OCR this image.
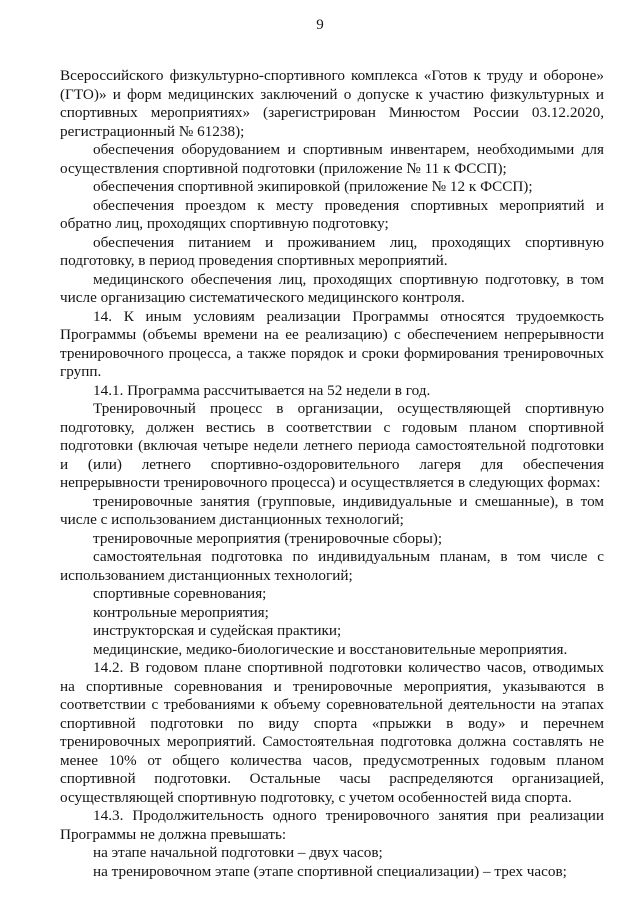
9

Всероссийского физкультурно-спортивного комплекса «Готов к труду и обороне» (ГТО)» и форм медицинских заключений о допуске к участию физкультурных и спортивных мероприятиях» (зарегистрирован Минюстом России 03.12.2020, регистрационный № 61238);

обеспечения оборудованием и спортивным инвентарем, необходимыми для осуществления спортивной подготовки (приложение № 11 к ФССП);

обеспечения спортивной экипировкой (приложение № 12 к ФССП);

обеспечения проездом к месту проведения спортивных мероприятий и обратно лиц, проходящих спортивную подготовку;

обеспечения питанием и проживанием лиц, проходящих спортивную подготовку, в период проведения спортивных мероприятий.

медицинского обеспечения лиц, проходящих спортивную подготовку, в том числе организацию систематического медицинского контроля.

14. К иным условиям реализации Программы относятся трудоемкость Программы (объемы времени на ее реализацию) с обеспечением непрерывности тренировочного процесса, а также порядок и сроки формирования тренировочных групп.

14.1. Программа рассчитывается на 52 недели в год.

Тренировочный процесс в организации, осуществляющей спортивную подготовку, должен вестись в соответствии с годовым планом спортивной подготовки (включая четыре недели летнего периода самостоятельной подготовки и (или) летнего спортивно-оздоровительного лагеря для обеспечения непрерывности тренировочного процесса) и осуществляется в следующих формах:

тренировочные занятия (групповые, индивидуальные и смешанные), в том числе с использованием дистанционных технологий;

тренировочные мероприятия (тренировочные сборы);

самостоятельная подготовка по индивидуальным планам, в том числе с использованием дистанционных технологий;

спортивные соревнования;

контрольные мероприятия;

инструкторская и судейская практики;

медицинские, медико-биологические и восстановительные мероприятия.

14.2. В годовом плане спортивной подготовки количество часов, отводимых на спортивные соревнования и тренировочные мероприятия, указываются в соответствии с требованиями к объему соревновательной деятельности на этапах спортивной подготовки по виду спорта «прыжки в воду» и перечнем тренировочных мероприятий. Самостоятельная подготовка должна составлять не менее 10% от общего количества часов, предусмотренных годовым планом спортивной подготовки. Остальные часы распределяются организацией, осуществляющей спортивную подготовку, с учетом особенностей вида спорта.

14.3. Продолжительность одного тренировочного занятия при реализации Программы не должна превышать:

на этапе начальной подготовки – двух часов;

на тренировочном этапе (этапе спортивной специализации) – трех часов;
